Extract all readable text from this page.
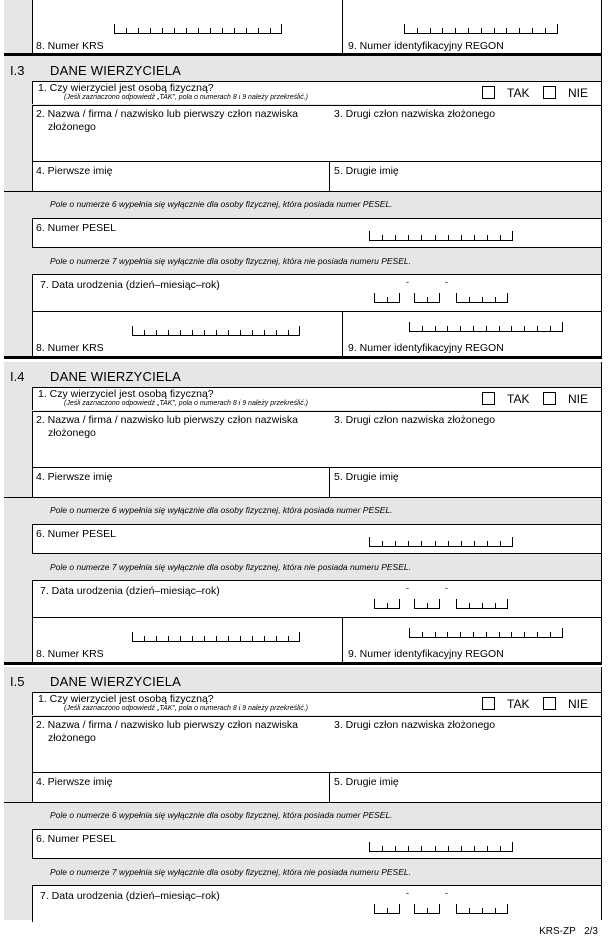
8. Numer KRS	9. Numer identyfikacyjny REGON
I.3 DANE WIERZYCIELA
1. Czy wierzyciel jest osobą fizyczną?
(Jeśli zaznaczono odpowiedź „TAK", pola o numerach 8 i 9 należy przekreślić.)	TAK	NIE
2. Nazwa / firma / nazwisko lub pierwszy człon nazwiska
złożonego
3. Drugi człon nazwiska złożonego
4. Pierwsze imię	5. Drugie imię
Pole o numerze 6 wypełnia się wyłącznie dla osoby fizycznej, która posiada numer PESEL.
6. Numer PESEL
Pole o numerze 7 wypełnia się wyłącznie dla osoby fizycznej, która nie posiada numeru PESEL.
7. Data urodzenia (dzień–miesiąc–rok)	-	-
8. Numer KRS	9. Numer identyfikacyjny REGON
I.4 DANE WIERZYCIELA
1. Czy wierzyciel jest osobą fizyczną?
(Jeśli zaznaczono odpowiedź „TAK", pola o numerach 8 i 9 należy przekreślić.)	TAK	NIE
2. Nazwa / firma / nazwisko lub pierwszy człon nazwiska
złożonego
3. Drugi człon nazwiska złożonego
4. Pierwsze imię	5. Drugie imię
Pole o numerze 6 wypełnia się wyłącznie dla osoby fizycznej, która posiada numer PESEL.
6. Numer PESEL
Pole o numerze 7 wypełnia się wyłącznie dla osoby fizycznej, która nie posiada numeru PESEL.
7. Data urodzenia (dzień–miesiąc–rok)	-	-
8. Numer KRS	9. Numer identyfikacyjny REGON
I.5 DANE WIERZYCIELA
1. Czy wierzyciel jest osobą fizyczną?
(Jeśli zaznaczono odpowiedź „TAK", pola o numerach 8 i 9 należy przekreślić.)	TAK	NIE
2. Nazwa / firma / nazwisko lub pierwszy człon nazwiska
złożonego
3. Drugi człon nazwiska złożonego
4. Pierwsze imię	5. Drugie imię
Pole o numerze 6 wypełnia się wyłącznie dla osoby fizycznej, która posiada numer PESEL.
6. Numer PESEL
Pole o numerze 7 wypełnia się wyłącznie dla osoby fizycznej, która nie posiada numeru PESEL.
7. Data urodzenia (dzień–miesiąc–rok)	-	-
KRS-ZP 2/3
